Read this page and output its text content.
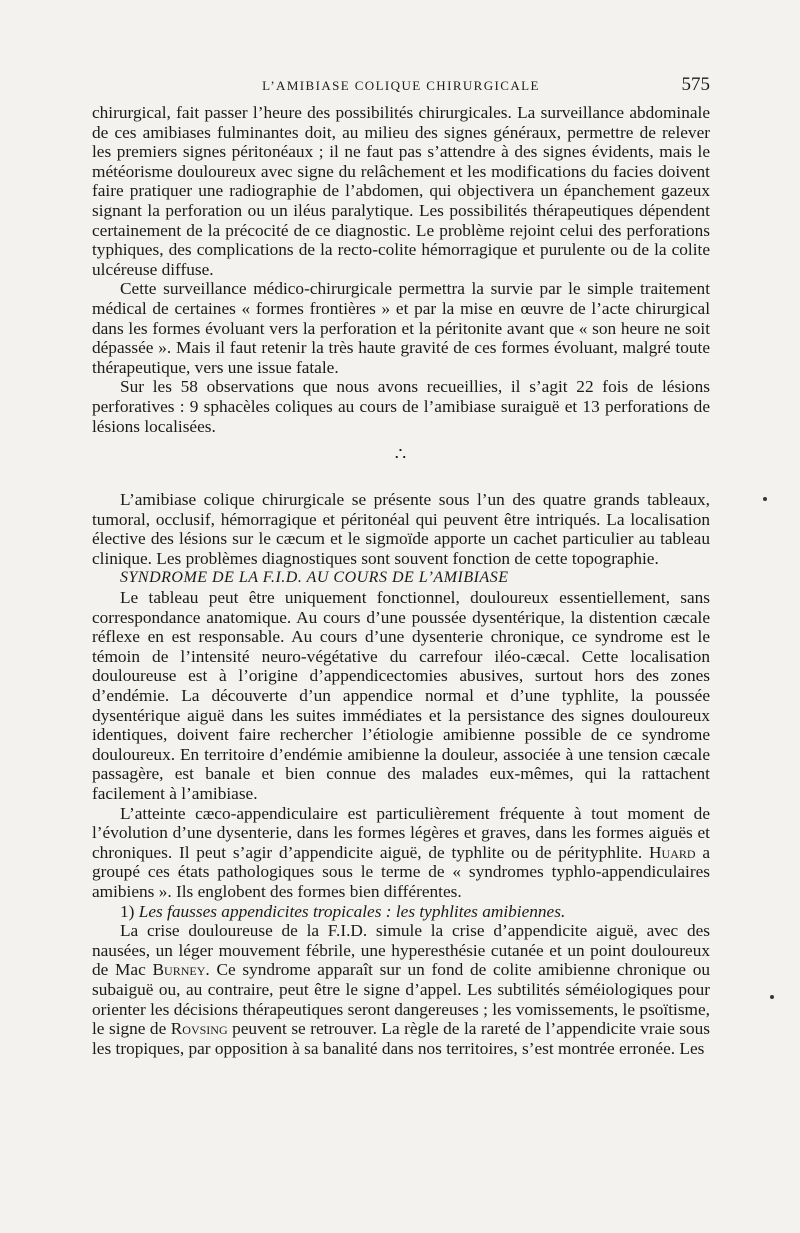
L’AMIBIASE COLIQUE CHIRURGICALE	575

chirurgical, fait passer l’heure des possibilités chirurgicales. La surveillance abdominale de ces amibiases fulminantes doit, au milieu des signes généraux, permettre de relever les premiers signes péritonéaux ; il ne faut pas s’attendre à des signes évidents, mais le météorisme douloureux avec signe du relâchement et les modifications du facies doivent faire pratiquer une radiographie de l’abdomen, qui objectivera un épanchement gazeux signant la perforation ou un iléus paralytique. Les possibilités thérapeutiques dépendent certainement de la précocité de ce diagnostic. Le problème rejoint celui des perforations typhiques, des complications de la recto-colite hémorragique et purulente ou de la colite ulcéreuse diffuse.

Cette surveillance médico-chirurgicale permettra la survie par le simple traitement médical de certaines « formes frontières » et par la mise en œuvre de l’acte chirurgical dans les formes évoluant vers la perforation et la péritonite avant que « son heure ne soit dépassée ». Mais il faut retenir la très haute gravité de ces formes évoluant, malgré toute thérapeutique, vers une issue fatale.

Sur les 58 observations que nous avons recueillies, il s’agit 22 fois de lésions perforatives : 9 sphacèles coliques au cours de l’amibiase suraiguë et 13 perforations de lésions localisées.

∴

L’amibiase colique chirurgicale se présente sous l’un des quatre grands tableaux, tumoral, occlusif, hémorragique et péritonéal qui peuvent être intriqués. La localisation élective des lésions sur le cæcum et le sigmoïde apporte un cachet particulier au tableau clinique. Les problèmes diagnostiques sont souvent fonction de cette topographie.

SYNDROME DE LA F.I.D. AU COURS DE L’AMIBIASE

Le tableau peut être uniquement fonctionnel, douloureux essentiellement, sans correspondance anatomique. Au cours d’une poussée dysentérique, la distention cæcale réflexe en est responsable. Au cours d’une dysenterie chronique, ce syndrome est le témoin de l’intensité neuro-végétative du carrefour iléo-cæcal. Cette localisation douloureuse est à l’origine d’appendicectomies abusives, surtout hors des zones d’endémie. La découverte d’un appendice normal et d’une typhlite, la poussée dysentérique aiguë dans les suites immédiates et la persistance des signes douloureux identiques, doivent faire rechercher l’étiologie amibienne possible de ce syndrome douloureux. En territoire d’endémie amibienne la douleur, associée à une tension cæcale passagère, est banale et bien connue des malades eux-mêmes, qui la rattachent facilement à l’amibiase.

L’atteinte cæco-appendiculaire est particulièrement fréquente à tout moment de l’évolution d’une dysenterie, dans les formes légères et graves, dans les formes aiguës et chroniques. Il peut s’agir d’appendicite aiguë, de typhlite ou de pérityphlite. Huard a groupé ces états pathologiques sous le terme de « syndromes typhlo-appendiculaires amibiens ». Ils englobent des formes bien différentes.

1) Les fausses appendicites tropicales : les typhlites amibiennes.

La crise douloureuse de la F.I.D. simule la crise d’appendicite aiguë, avec des nausées, un léger mouvement fébrile, une hyperesthésie cutanée et un point douloureux de Mac Burney. Ce syndrome apparaît sur un fond de colite amibienne chronique ou subaiguë ou, au contraire, peut être le signe d’appel. Les subtilités séméiologiques pour orienter les décisions thérapeutiques seront dangereuses ; les vomissements, le psoïtisme, le signe de Rovsing peuvent se retrouver. La règle de la rareté de l’appendicite vraie sous les tropiques, par opposition à sa banalité dans nos territoires, s’est montrée erronée. Les
